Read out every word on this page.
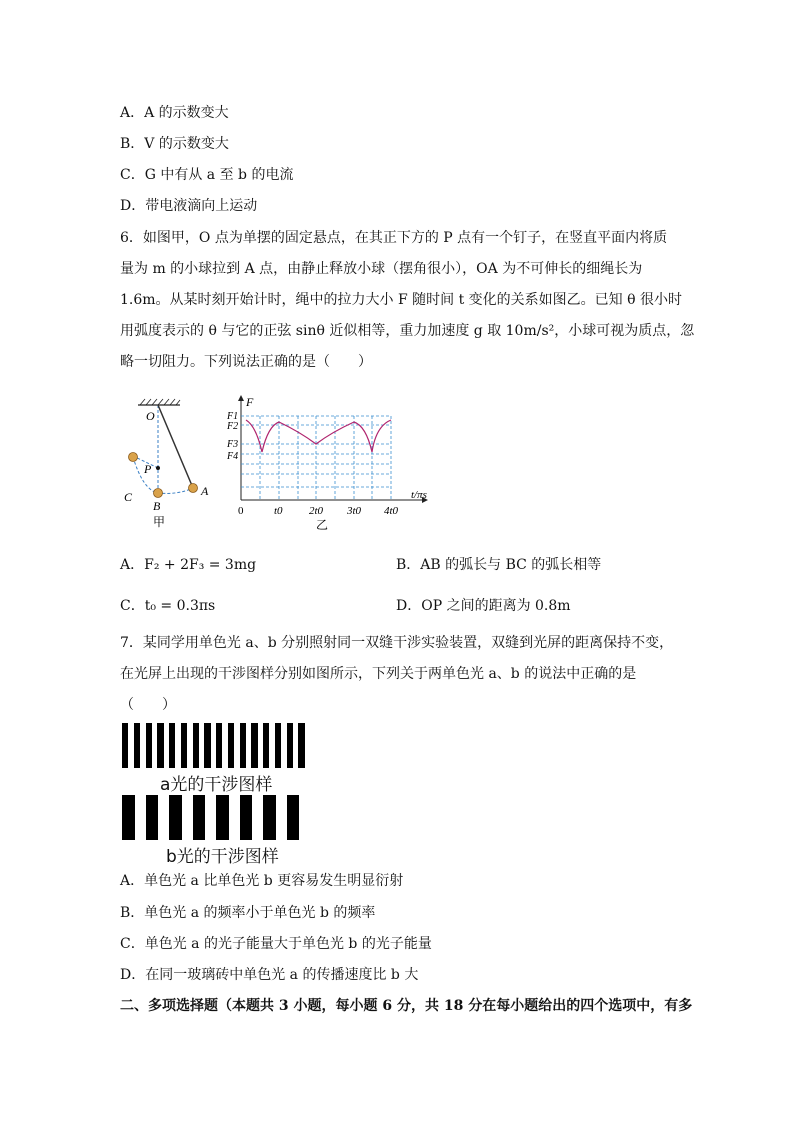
A．A 的示数变大
B．V 的示数变大
C．G 中有从 a 至 b 的电流
D．带电液滴向上运动
6．如图甲，O 点为单摆的固定悬点，在其正下方的 P 点有一个钉子，在竖直平面内将质
量为 m 的小球拉到 A 点，由静止释放小球（摆角很小），OA 为不可伸长的细绳长为
1.6m。从某时刻开始计时，绳中的拉力大小 F 随时间 t 变化的关系如图乙。已知 θ 很小时
用弧度表示的 θ 与它的正弦 sinθ 近似相等，重力加速度 g 取 10m/s²，小球可视为质点，忽
略一切阻力。下列说法正确的是（　　）
O
P
A
B
C
甲
F1
F2
F3
F4
F
0	t0 2t0 3t0 4t0
t/πs
乙
A．F₂ + 2F₃ = 3mg	B．AB 的弧长与 BC 的弧长相等
C．t₀ = 0.3πs	D．OP 之间的距离为 0.8m
7．某同学用单色光 a、b 分别照射同一双缝干涉实验装置，双缝到光屏的距离保持不变，
在光屏上出现的干涉图样分别如图所示，下列关于两单色光 a、b 的说法中正确的是
（　　）
a光的干涉图样
b光的干涉图样
A．单色光 a 比单色光 b 更容易发生明显衍射
B．单色光 a 的频率小于单色光 b 的频率
C．单色光 a 的光子能量大于单色光 b 的光子能量
D．在同一玻璃砖中单色光 a 的传播速度比 b 大
二、多项选择题（本题共 3 小题，每小题 6 分，共 18 分在每小题给出的四个选项中，有多
